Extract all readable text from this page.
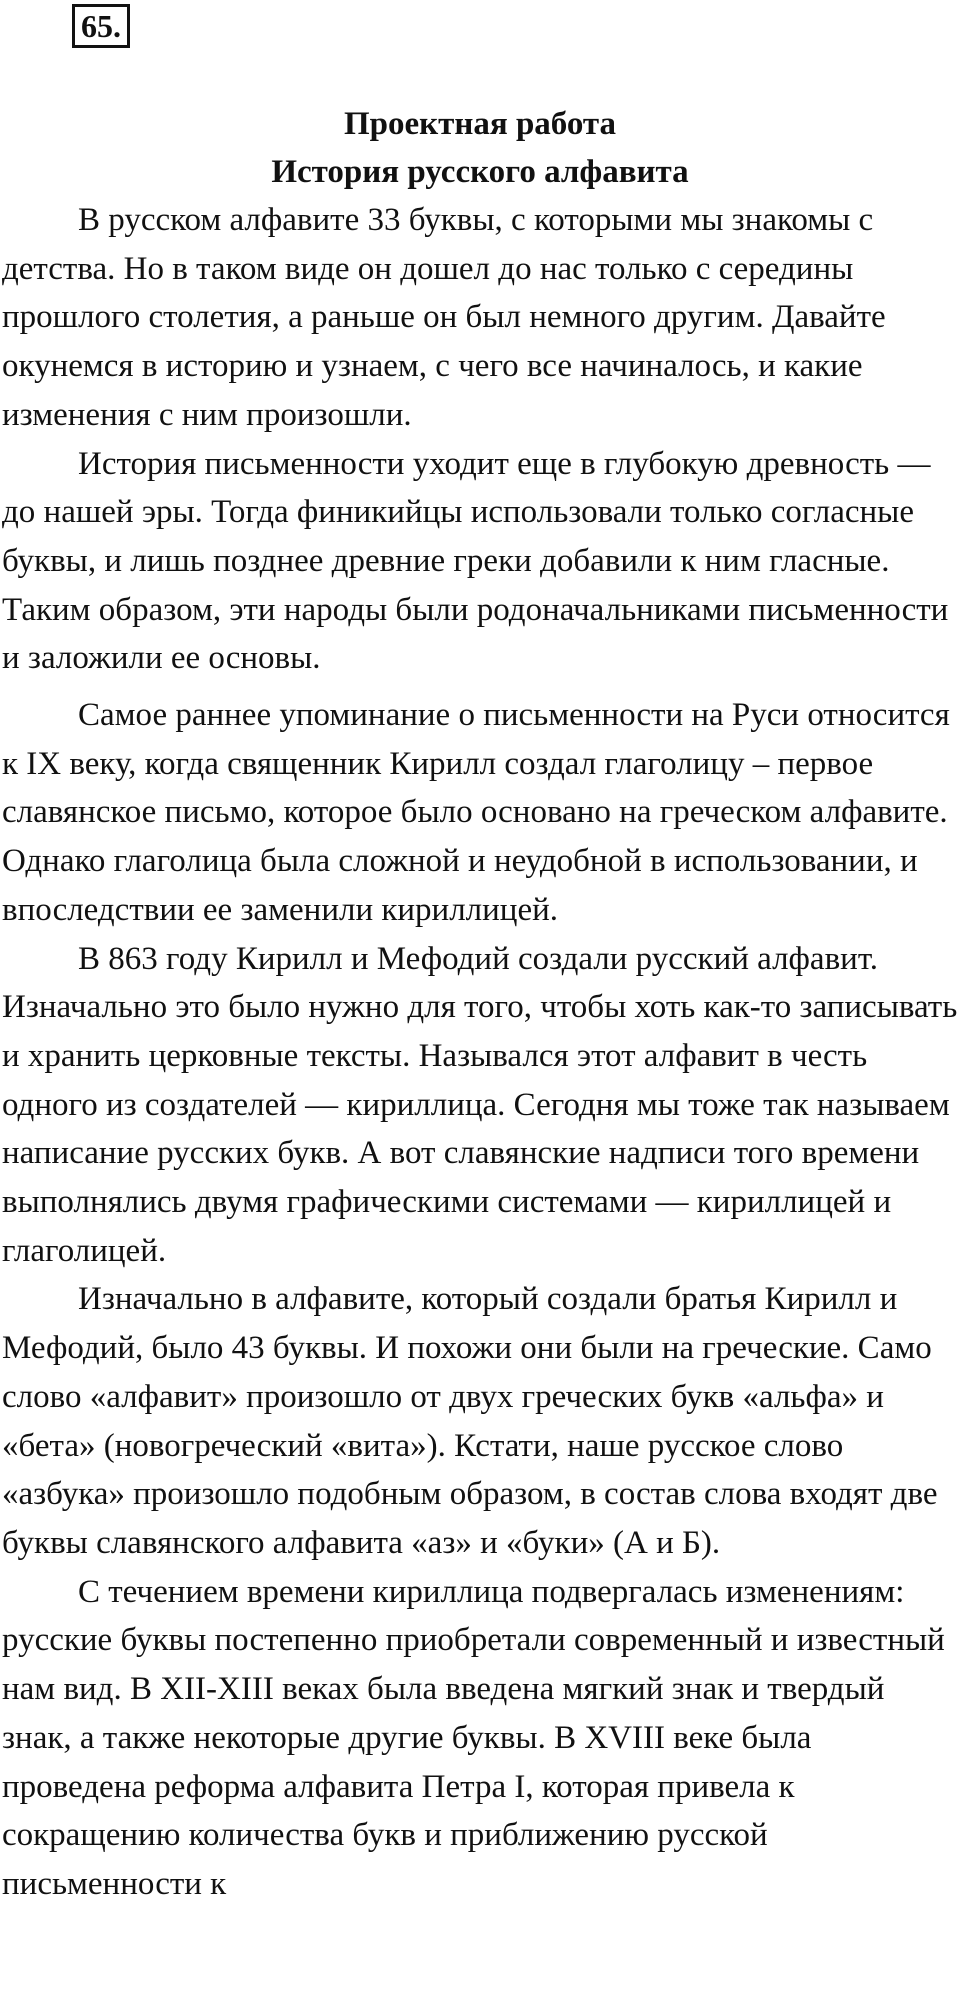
65.
Проектная работа
История русского алфавита

В русском алфавите 33 буквы, с которыми мы знакомы с детства. Но в таком виде он дошел до нас только с середины прошлого столетия, а раньше он был немного другим. Давайте окунемся в историю и узнаем, с чего все начиналось, и какие изменения с ним произошли.

История письменности уходит еще в глубокую древность — до нашей эры. Тогда финикийцы использовали только согласные буквы, и лишь позднее древние греки добавили к ним гласные. Таким образом, эти народы были родоначальниками письменности и заложили ее основы.

Самое раннее упоминание о письменности на Руси относится к IX веку, когда священник Кирилл создал глаголицу – первое славянское письмо, которое было основано на греческом алфавите. Однако глаголица была сложной и неудобной в использовании, и впоследствии ее заменили кириллицей.

В 863 году Кирилл и Мефодий создали русский алфавит. Изначально это было нужно для того, чтобы хоть как-то записывать и хранить церковные тексты. Назывался этот алфавит в честь одного из создателей — кириллица. Сегодня мы тоже так называем написание русских букв. А вот славянские надписи того времени выполнялись двумя графическими системами — кириллицей и глаголицей.

Изначально в алфавите, который создали братья Кирилл и Мефодий, было 43 буквы. И похожи они были на греческие. Само слово «алфавит» произошло от двух греческих букв «альфа» и «бета» (новогреческий «вита»). Кстати, наше русское слово «азбука» произошло подобным образом, в состав слова входят две буквы славянского алфавита «аз» и «буки» (А и Б).

С течением времени кириллица подвергалась изменениям: русские буквы постепенно приобретали современный и известный нам вид. В XII-XIII веках была введена мягкий знак и твердый знак, а также некоторые другие буквы. В XVIII веке была проведена реформа алфавита Петра I, которая привела к сокращению количества букв и приближению русской письменности к
